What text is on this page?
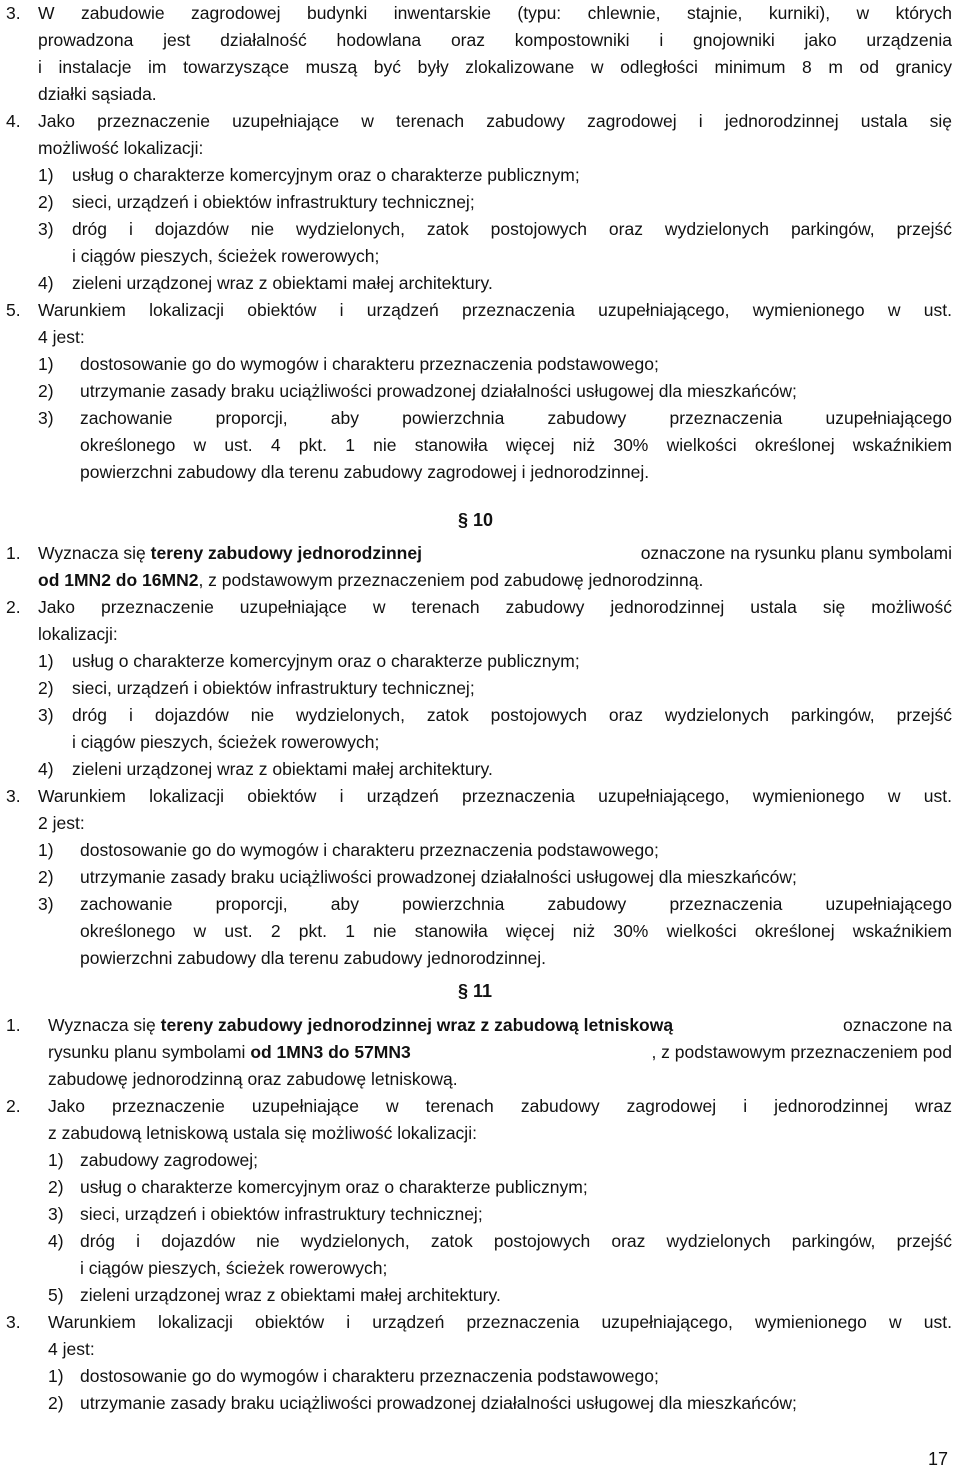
3. W zabudowie zagrodowej budynki inwentarskie (typu: chlewnie, stajnie, kurniki), w których
prowadzona jest działalność hodowlana oraz kompostowniki i gnojowniki jako urządzenia
i instalacje im towarzyszące muszą być były zlokalizowane w odległości minimum 8 m od granicy
działki sąsiada.
4. Jako przeznaczenie uzupełniające w terenach zabudowy zagrodowej i jednorodzinnej ustala się
możliwość lokalizacji:
1) usług o charakterze komercyjnym oraz o charakterze publicznym;
2) sieci, urządzeń i obiektów infrastruktury technicznej;
3) dróg i dojazdów nie wydzielonych, zatok postojowych oraz wydzielonych parkingów, przejść
i ciągów pieszych, ścieżek rowerowych;
4) zieleni urządzonej wraz z obiektami małej architektury.
5. Warunkiem lokalizacji obiektów i urządzeń przeznaczenia uzupełniającego, wymienionego w ust.
4 jest:
1) dostosowanie go do wymogów i charakteru przeznaczenia podstawowego;
2) utrzymanie zasady braku uciążliwości prowadzonej działalności usługowej dla mieszkańców;
3) zachowanie proporcji, aby powierzchnia zabudowy przeznaczenia uzupełniającego
określonego w ust. 4 pkt. 1 nie stanowiła więcej niż 30% wielkości określonej wskaźnikiem
powierzchni zabudowy dla terenu zabudowy zagrodowej i jednorodzinnej.
§ 10
1. Wyznacza się tereny zabudowy jednorodzinnej	oznaczone na rysunku planu symbolami
od 1MN2 do 16MN2, z podstawowym przeznaczeniem pod zabudowę jednorodzinną.
2. Jako przeznaczenie uzupełniające w terenach zabudowy jednorodzinnej ustala się możliwość
lokalizacji:
1) usług o charakterze komercyjnym oraz o charakterze publicznym;
2) sieci, urządzeń i obiektów infrastruktury technicznej;
3) dróg i dojazdów nie wydzielonych, zatok postojowych oraz wydzielonych parkingów, przejść
i ciągów pieszych, ścieżek rowerowych;
4) zieleni urządzonej wraz z obiektami małej architektury.
3. Warunkiem lokalizacji obiektów i urządzeń przeznaczenia uzupełniającego, wymienionego w ust.
2 jest:
1) dostosowanie go do wymogów i charakteru przeznaczenia podstawowego;
2) utrzymanie zasady braku uciążliwości prowadzonej działalności usługowej dla mieszkańców;
3) zachowanie proporcji, aby powierzchnia zabudowy przeznaczenia uzupełniającego
określonego w ust. 2 pkt. 1 nie stanowiła więcej niż 30% wielkości określonej wskaźnikiem
powierzchni zabudowy dla terenu zabudowy jednorodzinnej.
§ 11
1. Wyznacza się tereny zabudowy jednorodzinnej wraz z zabudową letniskową	oznaczone na
rysunku planu symbolami od 1MN3 do 57MN3	, z podstawowym przeznaczeniem pod
zabudowę jednorodzinną oraz zabudowę letniskową.
2. Jako przeznaczenie uzupełniające w terenach zabudowy zagrodowej i jednorodzinnej wraz
z zabudową letniskową ustala się możliwość lokalizacji:
1) zabudowy zagrodowej;
2) usług o charakterze komercyjnym oraz o charakterze publicznym;
3) sieci, urządzeń i obiektów infrastruktury technicznej;
4) dróg i dojazdów nie wydzielonych, zatok postojowych oraz wydzielonych parkingów, przejść
i ciągów pieszych, ścieżek rowerowych;
5) zieleni urządzonej wraz z obiektami małej architektury.
3. Warunkiem lokalizacji obiektów i urządzeń przeznaczenia uzupełniającego, wymienionego w ust.
4 jest:
1) dostosowanie go do wymogów i charakteru przeznaczenia podstawowego;
2) utrzymanie zasady braku uciążliwości prowadzonej działalności usługowej dla mieszkańców;
17
